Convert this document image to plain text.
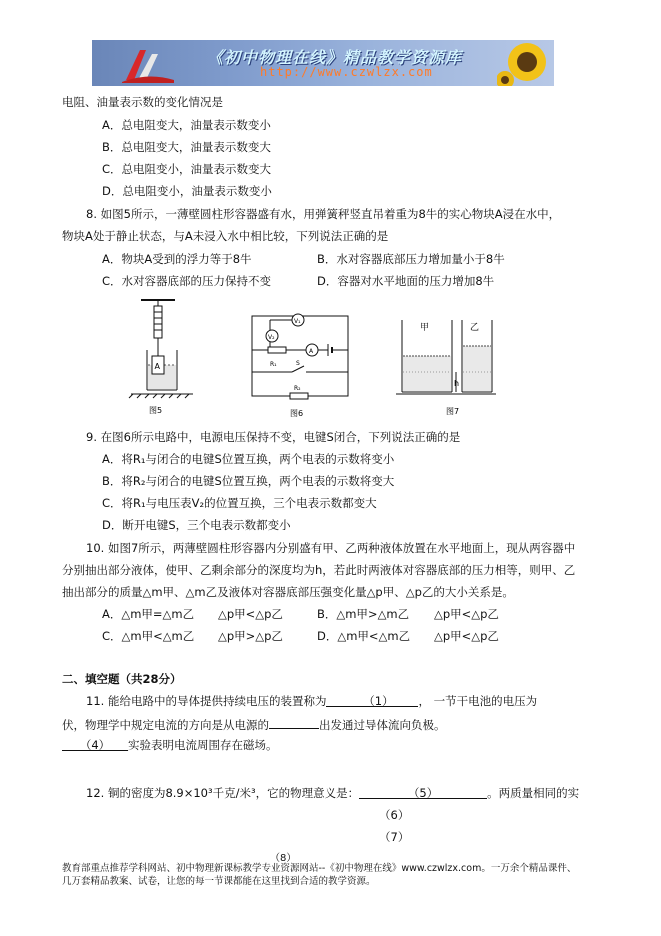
《初中物理在线》精品教学资源库
http://www.czwlzx.com
电阻、油量表示数的变化情况是
A．总电阻变大，油量表示数变小
B．总电阻变大，油量表示数变大
C．总电阻变小，油量表示数变大
D．总电阻变小，油量表示数变小
8. 如图5所示，一薄壁圆柱形容器盛有水，用弹簧秤竖直吊着重为8牛的实心物块A浸在水中，
物块A处于静止状态，与A未浸入水中相比较，下列说法正确的是
A．物块A受到的浮力等于8牛	B．水对容器底部压力增加量小于8牛
C．水对容器底部的压力保持不变	D．容器对水平地面的压力增加8牛
A
图5
V₁
V₂
A
R₁	S
R₂
图6
甲	乙
h
图7
9. 在图6所示电路中，电源电压保持不变，电键S闭合，下列说法正确的是
A．将R₁与闭合的电键S位置互换，两个电表的示数将变小
B．将R₂与闭合的电键S位置互换，两个电表的示数将变大
C．将R₁与电压表V₂的位置互换，三个电表示数都变大
D．断开电键S，三个电表示数都变小
10. 如图7所示，两薄壁圆柱形容器内分别盛有甲、乙两种液体放置在水平地面上，现从两容器中
分别抽出部分液体，使甲、乙剩余部分的深度均为h，若此时两液体对容器底部的压力相等，则甲、乙
抽出部分的质量△m甲、△m乙及液体对容器底部压强变化量△p甲、△p乙的大小关系是。
A．△m甲=△m乙 △p甲<△p乙	B．△m甲>△m乙 △p甲<△p乙
C．△m甲<△m乙 △p甲>△p乙	D．△m甲<△m乙 △p甲<△p乙
二、填空题（共28分）
11. 能给电路中的导体提供持续电压的装置称为	（1） ， 一节干电池的电压为
伏，物理学中规定电流的方向是从电源的	出发通过导体流向负极。
（4） 实验表明电流周围存在磁场。
12. 铜的密度为8.9×10³千克/米³，它的物理意义是：	（5）	。两质量相同的实
（6）
（7）
（8）
教育部重点推荐学科网站、初中物理新课标教学专业资源网站--《初中物理在线》www.czwlzx.com。一万余个精品课件、
几万套精品教案、试卷，让您的每一节课都能在这里找到合适的教学资源。
